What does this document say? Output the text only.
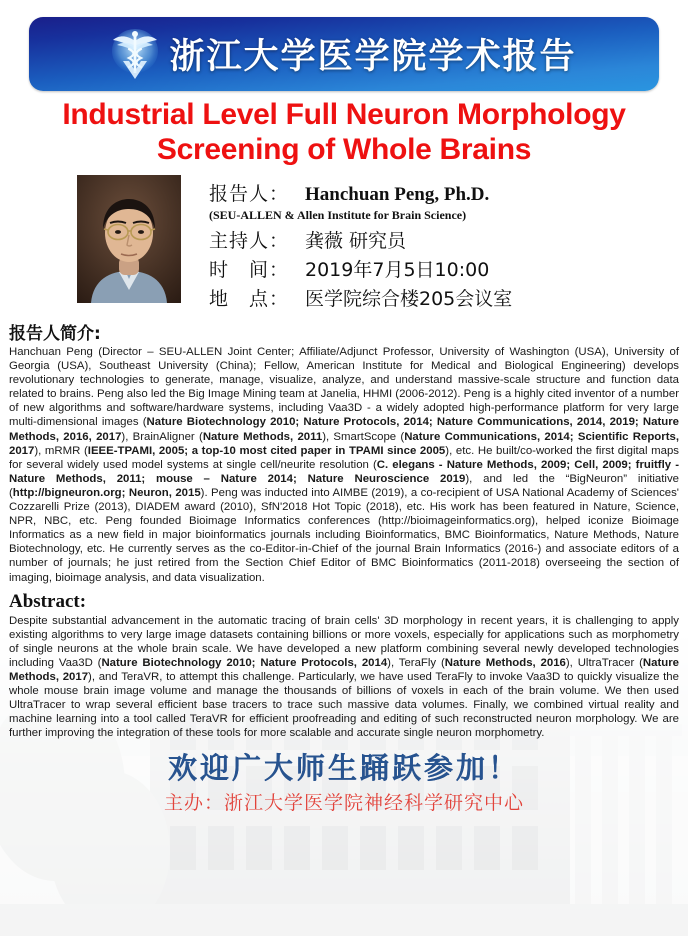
浙江大学医学院学术报告
Industrial Level Full Neuron Morphology
Screening of Whole Brains
报告人： Hanchuan Peng, Ph.D.
(SEU-ALLEN & Allen Institute for Brain Science)
主持人： 龚薇 研究员
时　间： 2019年7月5日10:00
地　点： 医学院综合楼205会议室
报告人简介:

Hanchuan Peng (Director – SEU-ALLEN Joint Center; Affiliate/Adjunct Professor, University of Washington (USA), University of Georgia (USA), Southeast University (China); Fellow, American Institute for Medical and Biological Engineering) develops revolutionary technologies to generate, manage, visualize, analyze, and understand massive-scale structure and function data related to brains. Peng also led the Big Image Mining team at Janelia, HHMI (2006-2012). Peng is a highly cited inventor of a number of new algorithms and software/hardware systems, including Vaa3D - a widely adopted high-performance platform for very large multi-dimensional images (Nature Biotechnology 2010; Nature Protocols, 2014; Nature Communications, 2014, 2019; Nature Methods, 2016, 2017), BrainAligner (Nature Methods, 2011), SmartScope (Nature Communications, 2014; Scientific Reports, 2017), mRMR (IEEE-TPAMI, 2005; a top-10 most cited paper in TPAMI since 2005), etc. He built/co-worked the first digital maps for several widely used model systems at single cell/neurite resolution (C. elegans - Nature Methods, 2009; Cell, 2009; fruitfly - Nature Methods, 2011; mouse – Nature 2014; Nature Neuroscience 2019), and led the “BigNeuron” initiative (http://bigneuron.org; Neuron, 2015). Peng was inducted into AIMBE (2019), a co-recipient of USA National Academy of Sciences' Cozzarelli Prize (2013), DIADEM award (2010), SfN'2018 Hot Topic (2018), etc. His work has been featured in Nature, Science, NPR, NBC, etc. Peng founded Bioimage Informatics conferences (http://bioimageinformatics.org), helped iconize Bioimage Informatics as a new field in major bioinformatics journals including Bioinformatics, BMC Bioinformatics, Nature Methods, Nature Biotechnology, etc. He currently serves as the co-Editor-in-Chief of the journal Brain Informatics (2016-) and associate editors of a number of journals; he just retired from the Section Chief Editor of BMC Bioinformatics (2011-2018) overseeing the section of imaging, bioimage analysis, and data visualization.

Abstract:

Despite substantial advancement in the automatic tracing of brain cells' 3D morphology in recent years, it is challenging to apply existing algorithms to very large image datasets containing billions or more voxels, especially for applications such as morphometry of single neurons at the whole brain scale. We have developed a new platform combining several newly developed technologies including Vaa3D (Nature Biotechnology 2010; Nature Protocols, 2014), TeraFly (Nature Methods, 2016), UltraTracer (Nature Methods, 2017), and TeraVR, to attempt this challenge. Particularly, we have used TeraFly to invoke Vaa3D to quickly visualize the whole mouse brain image volume and manage the thousands of billions of voxels in each of the brain volume. We then used UltraTracer to wrap several efficient base tracers to trace such massive data volumes. Finally, we combined virtual reality and machine learning into a tool called TeraVR for efficient proofreading and editing of such reconstructed neuron morphology. We are further improving the integration of these tools for more scalable and accurate single neuron morphometry.

欢迎广大师生踊跃参加！
主办：浙江大学医学院神经科学研究中心
